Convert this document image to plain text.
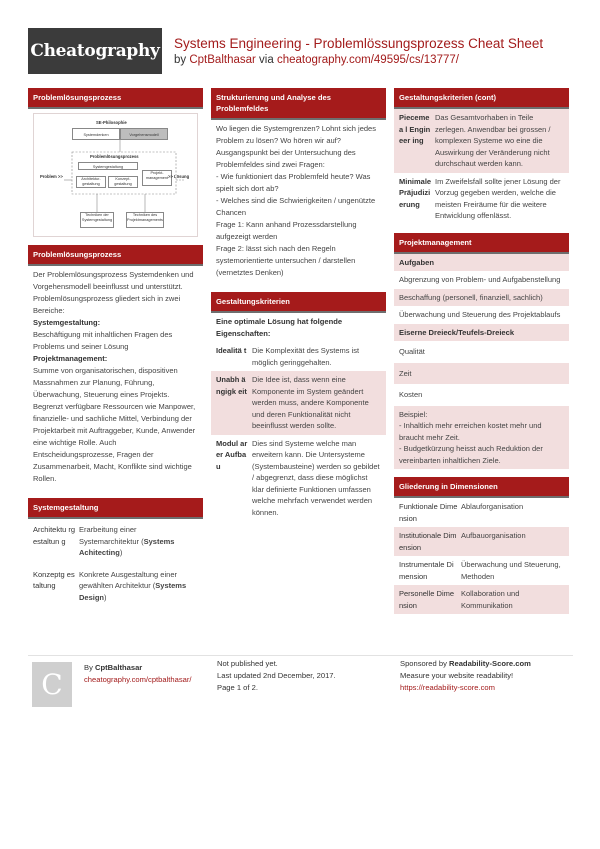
Cheatography Systems Engineering - Problemlössungsprozess Cheat Sheet
by CptBalthasar via cheatography.com/49595/cs/13777/
Problemlösungsprozess
SE-Philosophie
Systemdenken	Vorgehensmodell
Problemlösungsprozess
Systemgestaltung
Architektur-gestaltung
Konzept-gestaltung
Projekt-management
Problem >>	>> Lösung
Techniken der Systemgestaltung
Techniken des Projektmanagements
Problemlösungsprozess
Der Problemlösungsprozess Systemdenken und Vorgehensmodell beeinflusst und unterstützt.
Problemlösungsprozess gliedert sich in zwei Bereiche:
Systemgestaltung:
Beschäftigung mit inhaltlichen Fragen des Problems und seiner Lösung
Projektmanagement:
Summe von organisatorischen, dispositiven Massnahmen zur Planung, Führung, Überwachung, Steuerung eines Projekts. Begrenzt verfügbare Ressourcen wie Manpower, finanzielle- und sachliche Mittel, Verbindung der Projektarbeit mit Auftraggeber, Kunde, Anwender eine wichtige Rolle. Auch Entscheidungsprozesse, Fragen der Zusammenarbeit, Macht, Konflikte sind wichtige Rollen.
Systemgestaltung
Architektu rgestaltun g
Erarbeitung einer Systemarchitektur (Systems Achitecting)
Konzeptg estaltung
Konkrete Ausgestaltung einer gewählten Architektur (Systems Design)
Strukturierung und Analyse des Problemfeldes
Wo liegen die Systemgrenzen? Lohnt sich jedes Problem zu lösen? Wo hören wir auf?
Ausgangspunkt bei der Untersuchung des Problemfeldes sind zwei Fragen:
- Wie funktioniert das Problemfeld heute? Was spielt sich dort ab?
- Welches sind die Schwierigkeiten / ungenützte Chancen
Frage 1: Kann anhand Prozessdarstellung aufgezeigt werden
Frage 2: lässt sich nach den Regeln systemorientierte untersuchen / darstellen (vernetztes Denken)
Gestaltungskriterien
Eine optimale Lösung hat folgende Eigenschaften:
Idealitä t Die Komplexität des Systems ist möglich geringgehalten.
Unabh ängigk eit
Die Idee ist, dass wenn eine Komponente im System geändert werden muss, andere Komponente und deren Funktionalität nicht beeinflusst werden sollte.
Modul arer Aufbau
Dies sind Systeme welche man erweitern kann. Die Untersysteme (Systembausteine) werden so gebildet / abgegrenzt, dass diese möglichst klar definierte Funktionen umfassen welche mehrfach verwendet werden können.
Gestaltungskriterien (cont)
Piecemea l Engineer ing
Das Gesamtvorhaben in Teile zerlegen. Anwendbar bei grossen / komplexen Systeme wo eine die Auswirkung der Veränderung nicht durchschaut werden kann.
Minimale Präjudizi erung
Im Zweifelsfall sollte jener Lösung der Vorzug gegeben werden, welche die meisten Freiräume für die weitere Entwicklung offenlässt.
Projektmanagement
Aufgaben
Abgrenzung von Problem- und Aufgabenstellung
Beschaffung (personell, finanziell, sachlich)
Überwachung und Steuerung des Projektablaufs
Eiserne Dreieck/Teufels-Dreieck
Qualität
Zeit
Kosten
Beispiel:
- Inhaltlich mehr erreichen kostet mehr und braucht mehr Zeit.
- Budgetkürzung heisst auch Reduktion der vereinbarten inhaltlichen Ziele.
Gliederung in Dimensionen
Funktionale Dimension
Ablauforganisation
Institutionale Dimension
Aufbauorganisation
Instrumentale Dimension
Überwachung und Steuerung, Methoden
Personelle Dimension
Kollaboration und Kommunikation
C
By CptBalthasar
cheatography.com/cptbalthasar/
Not published yet.
Last updated 2nd December, 2017.
Page 1 of 2.
Sponsored by Readability-Score.com
Measure your website readability!
https://readability-score.com
